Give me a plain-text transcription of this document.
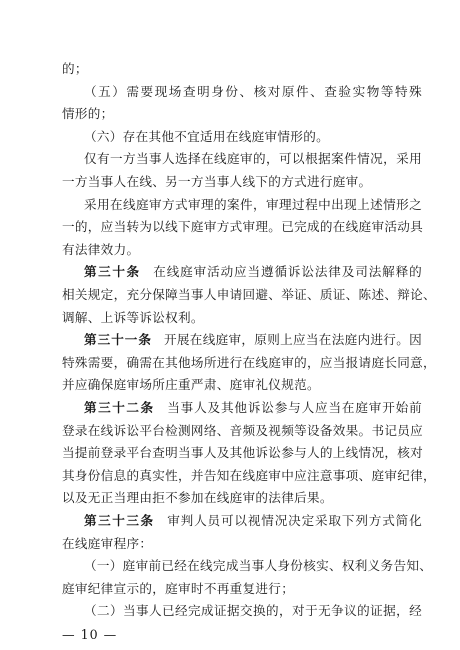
的；
（五）需要现场查明身份、核对原件、查验实物等特殊
情形的；
（六）存在其他不宜适用在线庭审情形的。
仅有一方当事人选择在线庭审的，可以根据案件情况，采用
一方当事人在线、另一方当事人线下的方式进行庭审。
采用在线庭审方式审理的案件，审理过程中出现上述情形之
一的，应当转为以线下庭审方式审理。已完成的在线庭审活动具
有法律效力。
第三十条 在线庭审活动应当遵循诉讼法律及司法解释的
相关规定，充分保障当事人申请回避、举证、质证、陈述、辩论、
调解、上诉等诉讼权利。
第三十一条 开展在线庭审，原则上应当在法庭内进行。因
特殊需要，确需在其他场所进行在线庭审的，应当报请庭长同意，
并应确保庭审场所庄重严肃、庭审礼仪规范。
第三十二条 当事人及其他诉讼参与人应当在庭审开始前
登录在线诉讼平台检测网络、音频及视频等设备效果。书记员应
当提前登录平台查明当事人及其他诉讼参与人的上线情况，核对
其身份信息的真实性，并告知在线庭审中应注意事项、庭审纪律，
以及无正当理由拒不参加在线庭审的法律后果。
第三十三条 审判人员可以视情况决定采取下列方式简化
在线庭审程序：
（一）庭审前已经在线完成当事人身份核实、权利义务告知、
庭审纪律宣示的，庭审时不再重复进行；
（二）当事人已经完成证据交换的，对于无争议的证据，经
— 10 —
